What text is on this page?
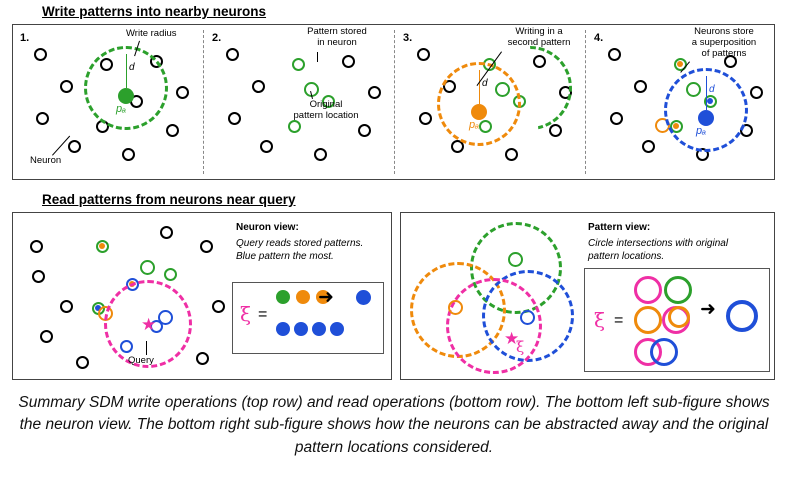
Write patterns into nearby neurons
1.
d
pₐ
Write radius
Neuron
2.
Pattern stored
in neuron
Original
pattern location
3.
d
pₐ
Writing in a
second pattern	4.
d
pₐ
Neurons store
a superposition
of patterns
Read patterns from neurons near query
★
Query
Neuron view:
Query reads stored patterns.
Blue pattern the most.
ξ =
➜
★
ξ
Pattern view:
Circle intersections with original
pattern locations.
ξ =
➜
Summary SDM write operations (top row) and read operations (bottom row). The bottom left sub-figure shows the neuron view. The bottom right sub-figure shows how the neurons can be abstracted away and the original pattern locations considered.
